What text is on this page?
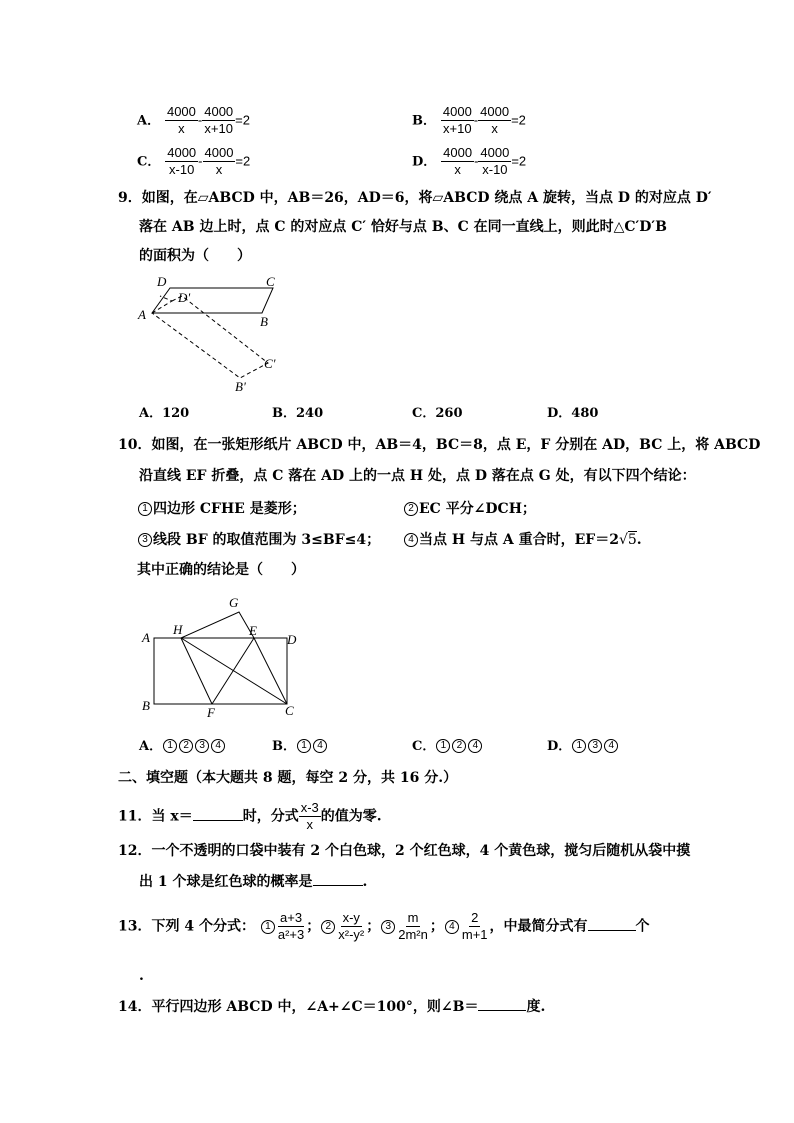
A． $\frac{4000}{x} - \frac{4000}{x+10} =2$	B． $\frac{4000}{x+10} - \frac{4000}{x} =2$
C． $\frac{4000}{x-10} - \frac{4000}{x} =2$	D． $\frac{4000}{x} - \frac{4000}{x-10} =2$
9．如图，在▱ABCD 中，AB＝26，AD＝6，将▱ABCD 绕点 A 旋转，当点 D 的对应点 D′
落在 AB 边上时，点 C 的对应点 C′ 恰好与点 B、C 在同一直线上，则此时△C′D′B
的面积为（　　）
D	C
D'
A	B
C'
B'
A．120	B．240	C．260	D．480
10．如图，在一张矩形纸片 ABCD 中，AB＝4，BC＝8，点 E，F 分别在 AD，BC 上，将 ABCD
沿直线 EF 折叠，点 C 落在 AD 上的一点 H 处，点 D 落在点 G 处，有以下四个结论：
1 四边形 CFHE 是菱形；	2 EC 平分∠DCH；
3 线段 BF 的取值范围为 3≤BF≤4；	4 当点 H 与点 A 重合时，EF＝2√5.
其中正确的结论是（　　）
G
A
H	E
D
B	F	C
A． 1 2 3 4	B． 1 4	C． 1 2 4	D． 1 3 4
二、填空题（本大题共 8 题，每空 2 分，共 16 分.）
11．当 x＝	时，分式 $\frac{x-3}{x}$ 的值为零.
12．一个不透明的口袋中装有 2 个白色球，2 个红色球，4 个黄色球，搅匀后随机从袋中摸
出 1 个球是红色球的概率是	.
13．下列 4 个分式： $1 \frac{a+3}{\text{a²+3}}$ ； $2 \frac{x-y}{\text{x²-y²}}$ ； $3 \frac{m}{\text{2m²n}}$ ； $4 \frac{2}{m+1}$ ，中最简分式有	个
.
14．平行四边形 ABCD 中，∠A+∠C＝100°，则∠B＝	度.
